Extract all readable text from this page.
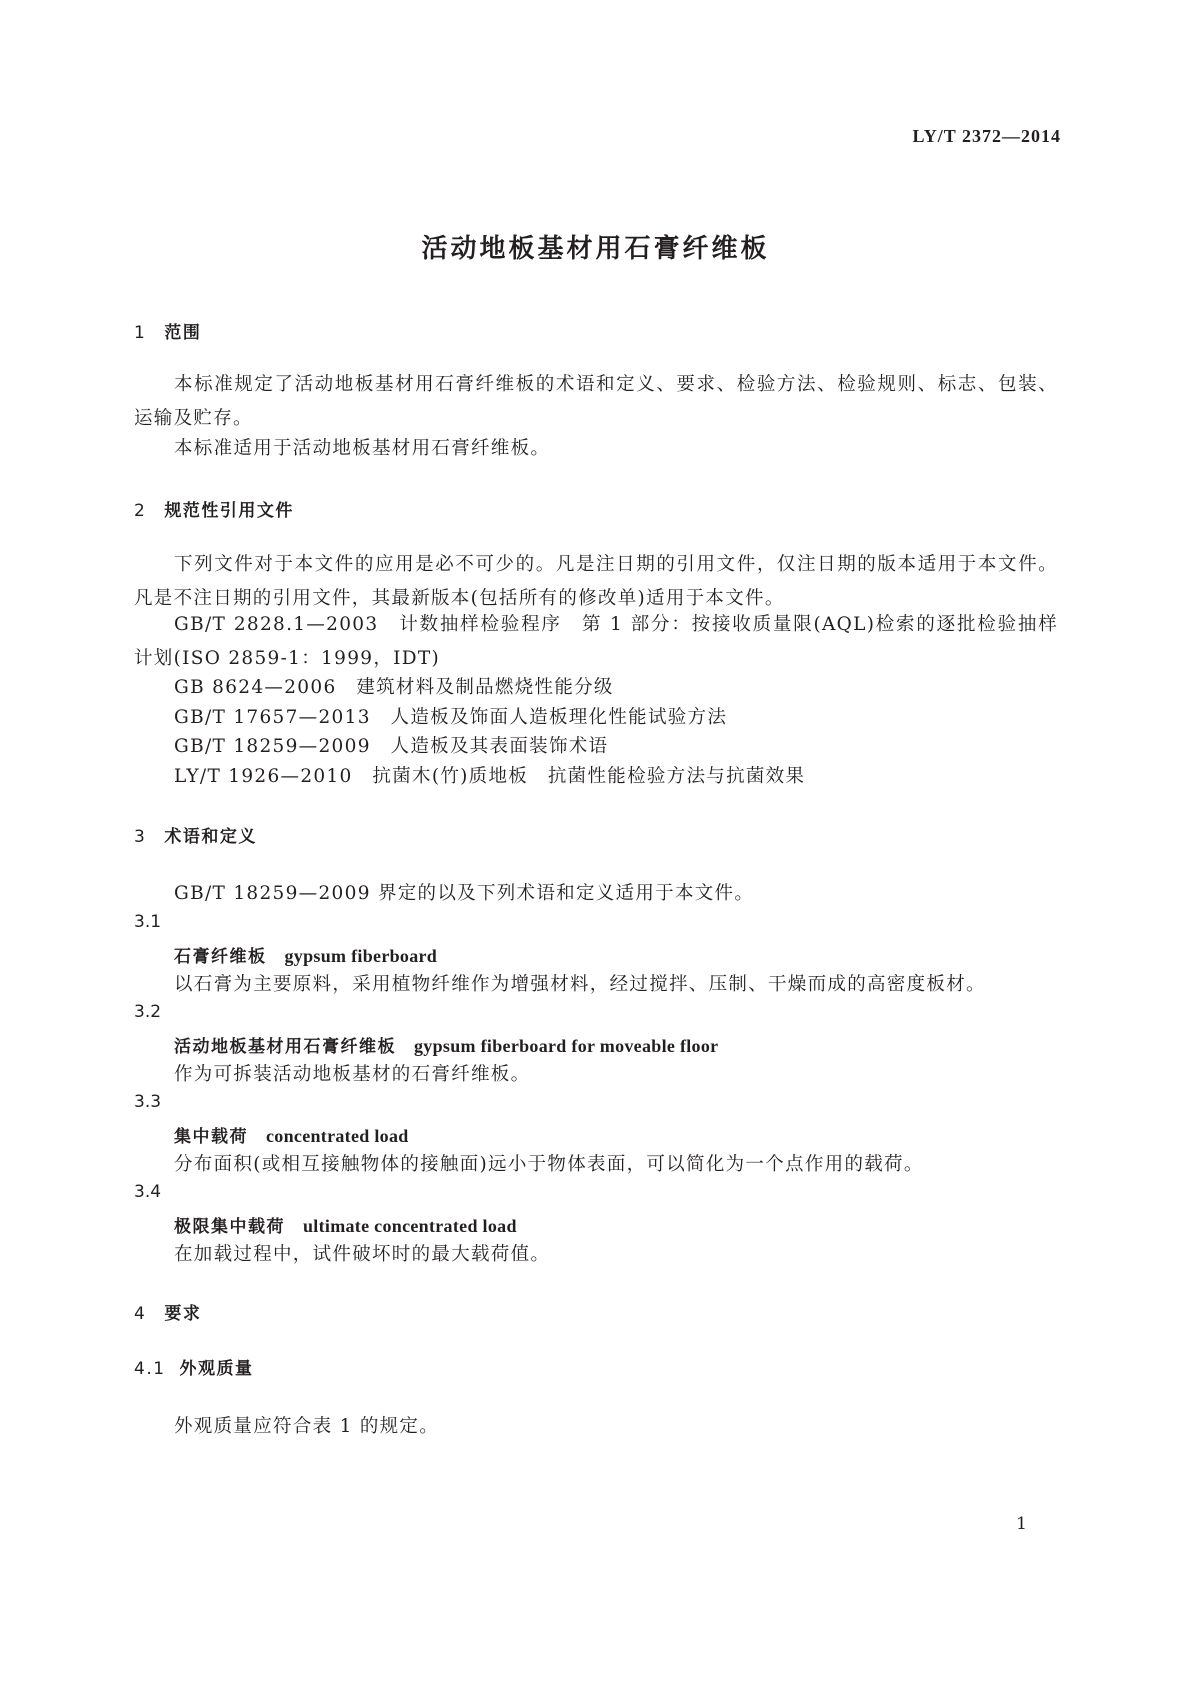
LY/T 2372—2014
活动地板基材用石膏纤维板
1 范围

本标准规定了活动地板基材用石膏纤维板的术语和定义、要求、检验方法、检验规则、标志、包装、运输及贮存。

本标准适用于活动地板基材用石膏纤维板。

2 规范性引用文件

下列文件对于本文件的应用是必不可少的。凡是注日期的引用文件，仅注日期的版本适用于本文件。凡是不注日期的引用文件，其最新版本(包括所有的修改单)适用于本文件。

GB/T 2828.1—2003　计数抽样检验程序　第 1 部分：按接收质量限(AQL)检索的逐批检验抽样计划(ISO 2859-1：1999，IDT)

GB 8624—2006　建筑材料及制品燃烧性能分级
GB/T 17657—2013　人造板及饰面人造板理化性能试验方法
GB/T 18259—2009　人造板及其表面装饰术语
LY/T 1926—2010　抗菌木(竹)质地板　抗菌性能检验方法与抗菌效果
3 术语和定义
GB/T 18259—2009 界定的以及下列术语和定义适用于本文件。
3.1
石膏纤维板 gypsum fiberboard
以石膏为主要原料，采用植物纤维作为增强材料，经过搅拌、压制、干燥而成的高密度板材。
3.2
活动地板基材用石膏纤维板 gypsum fiberboard for moveable floor
作为可拆装活动地板基材的石膏纤维板。
3.3
集中载荷 concentrated load
分布面积(或相互接触物体的接触面)远小于物体表面，可以简化为一个点作用的载荷。
3.4
极限集中载荷 ultimate concentrated load
在加载过程中，试件破坏时的最大载荷值。
4 要求
4.1 外观质量
外观质量应符合表 1 的规定。
1
